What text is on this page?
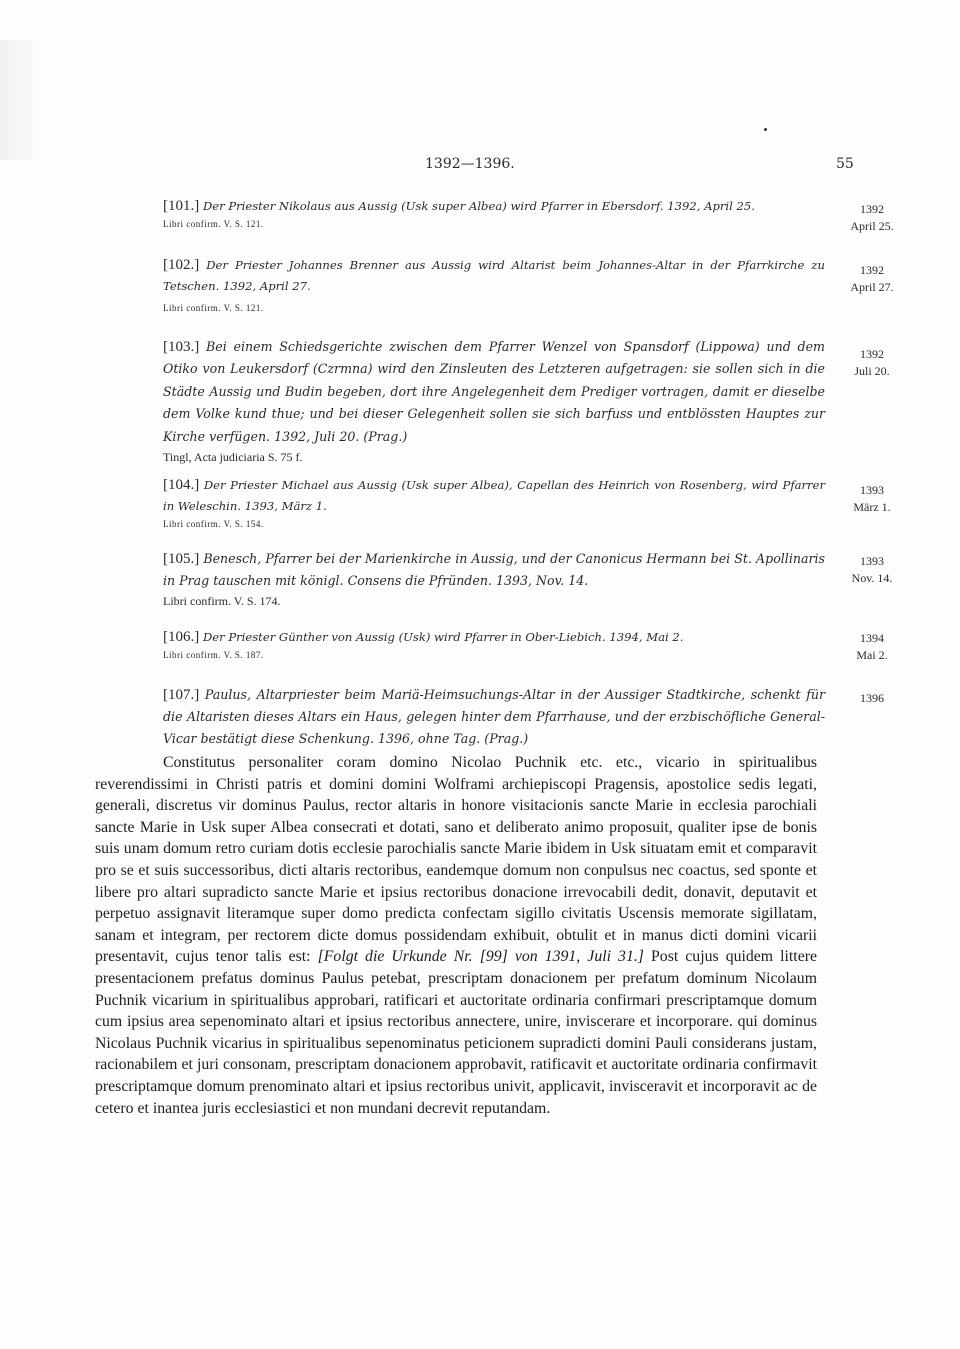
1392—1396.	55
[101.] Der Priester Nikolaus aus Aussig (Usk super Albea) wird Pfarrer in Ebersdorf. 1392, April 25.
Libri confirm. V. S. 121.
1392
April 25.
[102.] Der Priester Johannes Brenner aus Aussig wird Altarist beim Johannes-Altar in der Pfarrkirche zu Tetschen. 1392, April 27.
Libri confirm. V. S. 121.
1392
April 27.
[103.] Bei einem Schiedsgerichte zwischen dem Pfarrer Wenzel von Spansdorf (Lippowa) und dem Otiko von Leukersdorf (Czrmna) wird den Zinsleuten des Letzteren aufgetragen: sie sollen sich in die Städte Aussig und Budin begeben, dort ihre Angelegenheit dem Prediger vortragen, damit er dieselbe dem Volke kund thue; und bei dieser Gelegenheit sollen sie sich barfuss und entblössten Hauptes zur Kirche verfügen. 1392, Juli 20. (Prag.)
Tingl, Acta judiciaria S. 75 f.
1392
Juli 20.
[104.] Der Priester Michael aus Aussig (Usk super Albea), Capellan des Heinrich von Rosenberg, wird Pfarrer in Weleschin. 1393, März 1.
Libri confirm. V. S. 154.
1393
März 1.
[105.] Benesch, Pfarrer bei der Marienkirche in Aussig, und der Canonicus Hermann bei St. Apollinaris in Prag tauschen mit königl. Consens die Pfründen. 1393, Nov. 14.
Libri confirm. V. S. 174.
1393
Nov. 14.
[106.] Der Priester Günther von Aussig (Usk) wird Pfarrer in Ober-Liebich. 1394, Mai 2.
Libri confirm. V. S. 187.
1394
Mai 2.
[107.] Paulus, Altarpriester beim Mariä-Heimsuchungs-Altar in der Aussiger Stadtkirche, schenkt für die Altaristen dieses Altars ein Haus, gelegen hinter dem Pfarrhause, und der erzbischöfliche General-Vicar bestätigt diese Schenkung. 1396, ohne Tag. (Prag.)
1396

Constitutus personaliter coram domino Nicolao Puchnik etc. etc., vicario in spiritualibus reverendissimi in Christi patris et domini domini Wolframi archiepiscopi Pragensis, apostolice sedis legati, generali, discretus vir dominus Paulus, rector altaris in honore visitacionis sancte Marie in ecclesia parochiali sancte Marie in Usk super Albea consecrati et dotati, sano et deliberato animo proposuit, qualiter ipse de bonis suis unam domum retro curiam dotis ecclesie parochialis sancte Marie ibidem in Usk situatam emit et comparavit pro se et suis successoribus, dicti altaris rectoribus, eandemque domum non conpulsus nec coactus, sed sponte et libere pro altari supradicto sancte Marie et ipsius rectoribus donacione irrevocabili dedit, donavit, deputavit et perpetuo assignavit literamque super domo predicta confectam sigillo civitatis Uscensis memorate sigillatam, sanam et integram, per rectorem dicte domus possidendam exhibuit, obtulit et in manus dicti domini vicarii presentavit, cujus tenor talis est: [Folgt die Urkunde Nr. [99] von 1391, Juli 31.] Post cujus quidem littere presentacionem prefatus dominus Paulus petebat, prescriptam donacionem per prefatum dominum Nicolaum Puchnik vicarium in spiritualibus approbari, ratificari et auctoritate ordinaria confirmari prescriptamque domum cum ipsius area sepenominato altari et ipsius rectoribus annectere, unire, inviscerare et incorporare. qui dominus Nicolaus Puchnik vicarius in spiritualibus sepenominatus peticionem supradicti domini Pauli considerans justam, racionabilem et juri consonam, prescriptam donacionem approbavit, ratificavit et auctoritate ordinaria confirmavit prescriptamque domum prenominato altari et ipsius rectoribus univit, applicavit, invisceravit et incorporavit ac de cetero et inantea juris ecclesiastici et non mundani decrevit reputandam.
